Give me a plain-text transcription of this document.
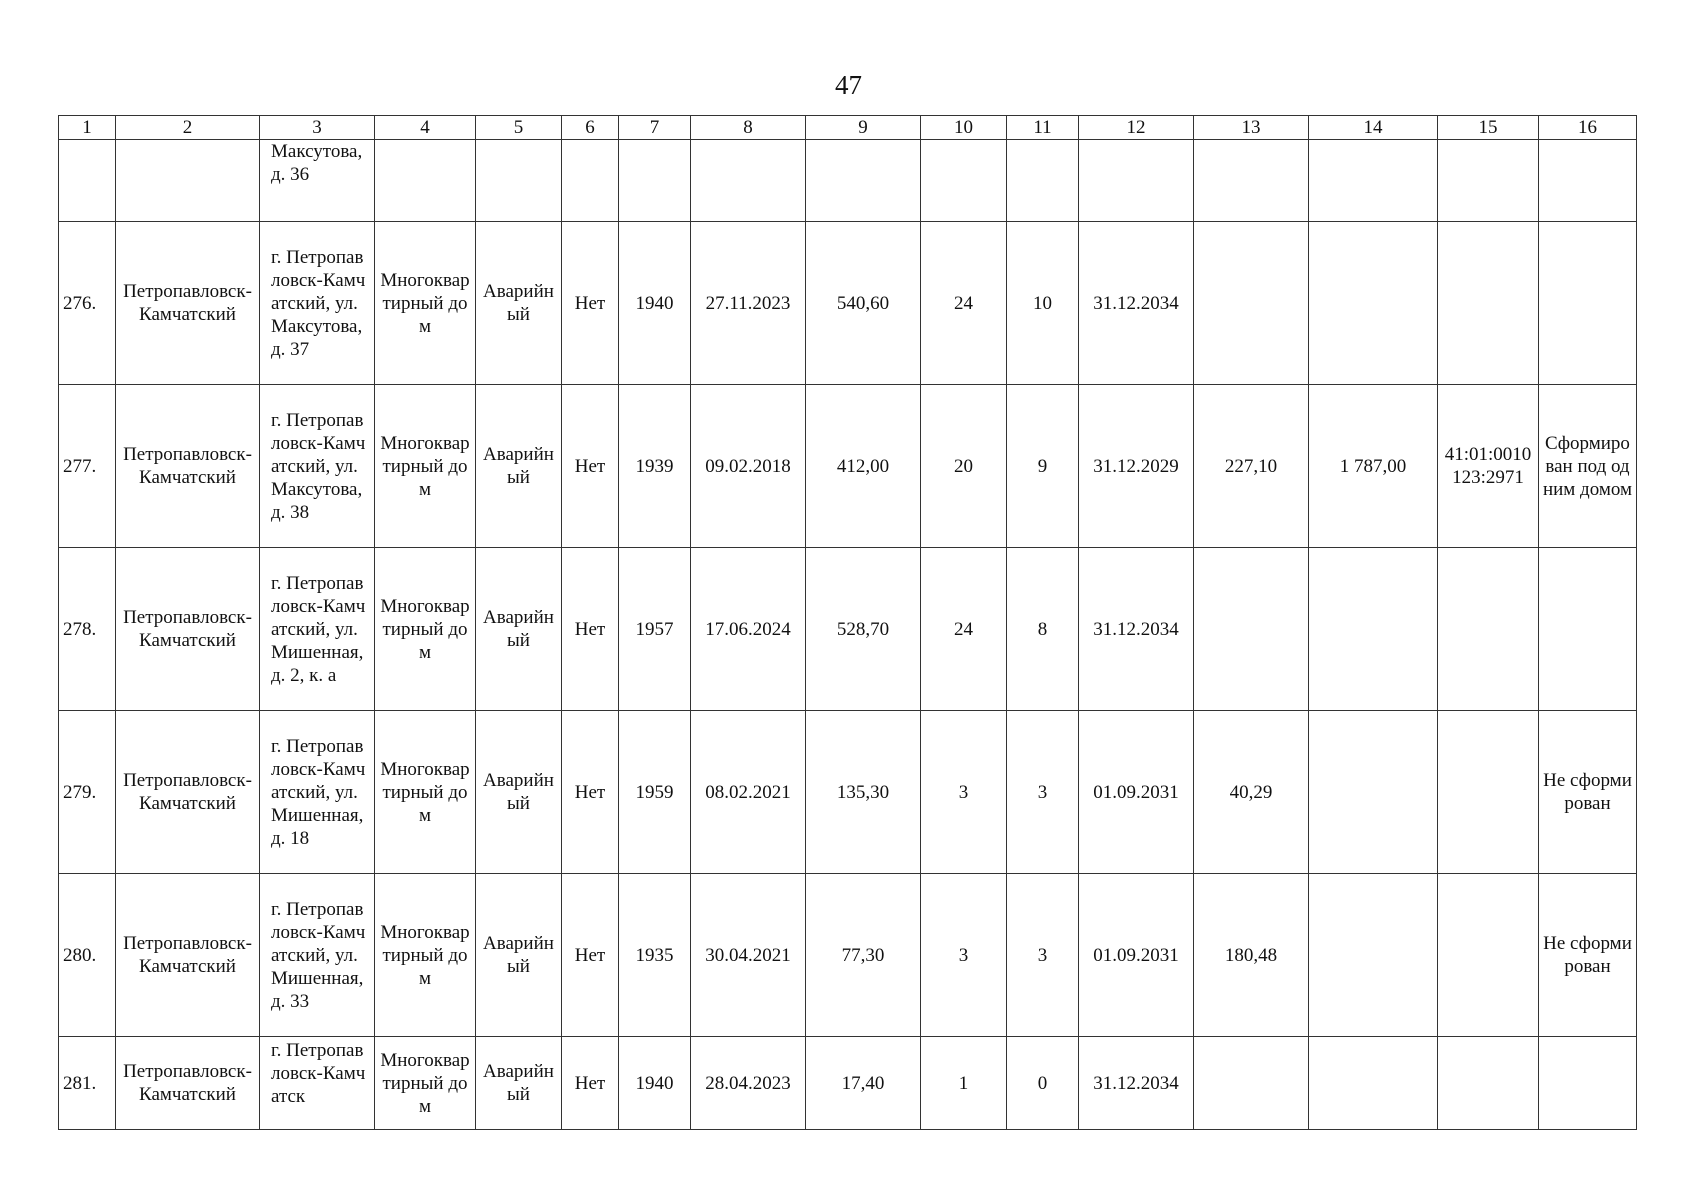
47
1	2	3	4	5	6	7	8	9	10	11	12	13	14	15	16
		Максутова, д. 36													
276.	Петропавловск-Камчатский	г. Петропавловск-Камчатский, ул. Максутова, д. 37	Многоквартирный дом	Аварийный	Нет	1940	27.11.2023	540,60	24	10	31.12.2034				
277.	Петропавловск-Камчатский	г. Петропавловск-Камчатский, ул. Максутова, д. 38	Многоквартирный дом	Аварийный	Нет	1939	09.02.2018	412,00	20	9	31.12.2029	227,10	1 787,00	41:01:0010123:2971	Сформирован под одним домом
278.	Петропавловск-Камчатский	г. Петропавловск-Камчатский, ул. Мишенная, д. 2, к. а	Многоквартирный дом	Аварийный	Нет	1957	17.06.2024	528,70	24	8	31.12.2034				
279.	Петропавловск-Камчатский	г. Петропавловск-Камчатский, ул. Мишенная, д. 18	Многоквартирный дом	Аварийный	Нет	1959	08.02.2021	135,30	3	3	01.09.2031	40,29			Не сформирован
280.	Петропавловск-Камчатский	г. Петропавловск-Камчатский, ул. Мишенная, д. 33	Многоквартирный дом	Аварийный	Нет	1935	30.04.2021	77,30	3	3	01.09.2031	180,48			Не сформирован
281.	Петропавловск-Камчатский	г. Петропавловск-Камчатск	Многоквартирный дом	Аварийный	Нет	1940	28.04.2023	17,40	1	0	31.12.2034				
